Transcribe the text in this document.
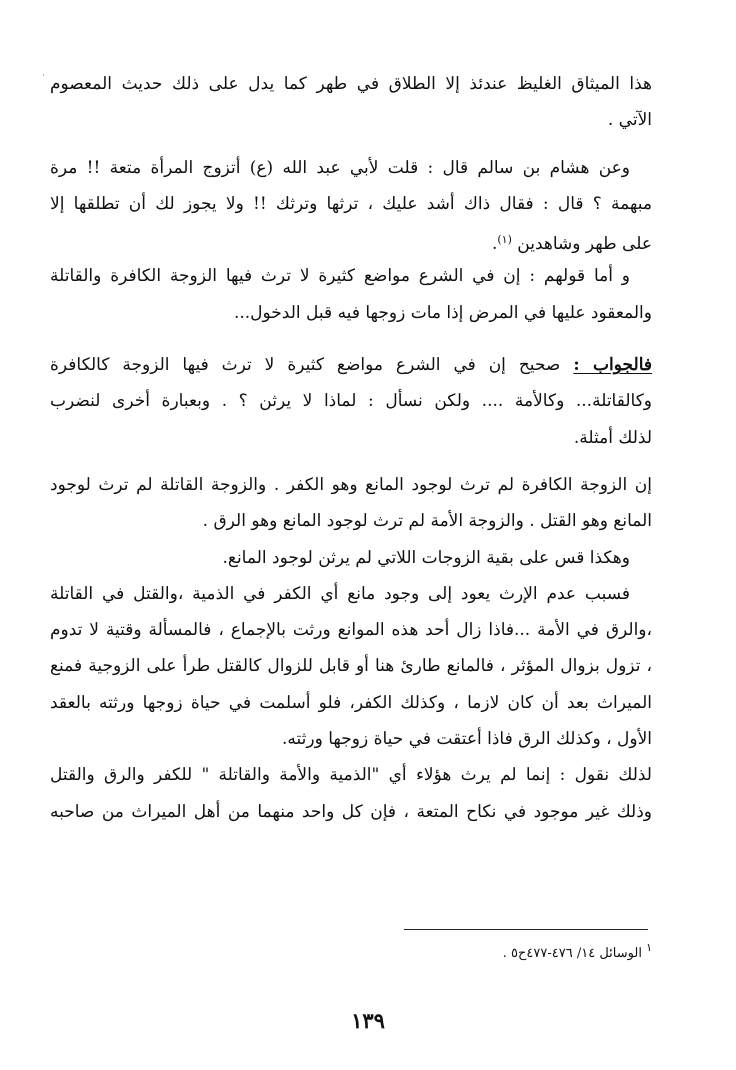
· هذا الميثاق الغليظ عندئذ إلا الطلاق في طهر كما يدل على ذلك حديث المعصوم
الآتي .
وعن هشام بن سالم قال : قلت لأبي عبد الله (ع) أتزوج المرأة متعة !! مرة
مبهمة ؟ قال : فقال ذاك أشد عليك ، ترثها وترثك !! ولا يجوز لك أن تطلقها إلا
على طهر وشاهدين $^{(١)}$.
و أما قولهم : إن في الشرع مواضع كثيرة لا ترث فيها الزوجة الكافرة والقاتلة
والمعقود عليها في المرض إذا مات زوجها فيه قبل الدخول...
فالجواب : صحيح إن في الشرع مواضع كثيرة لا ترث فيها الزوجة كالكافرة
وكالقاتلة... وكالأمة .... ولكن نسأل : لماذا لا يرثن ؟ . وبعبارة أخرى لنضرب
لذلك أمثلة.
إن الزوجة الكافرة لم ترث لوجود المانع وهو الكفر . والزوجة القاتلة لم ترث لوجود
المانع وهو القتل . والزوجة الأمة لم ترث لوجود المانع وهو الرق .
وهكذا قس على بقية الزوجات اللاتي لم يرثن لوجود المانع.
فسبب عدم الإرث يعود إلى وجود مانع أي الكفر في الذمية ،والقتل في القاتلة
،والرق في الأمة ...فاذا زال أحد هذه الموانع ورثت بالإجماع ، فالمسألة وقتية لا تدوم
، تزول بزوال المؤثر ، فالمانع طارئ هنا أو قابل للزوال كالقتل طرأ على الزوجية فمنع
الميراث بعد أن كان لازما ، وكذلك الكفر، فلو أسلمت في حياة زوجها ورثته بالعقد
الأول ، وكذلك الرق فاذا أعتقت في حياة زوجها ورثته.
لذلك نقول : إنما لم يرث هؤلاء أي "الذمية والأمة والقاتلة " للكفر والرق والقتل
وذلك غير موجود في نكاح المتعة ، فإن كل واحد منهما من أهل الميراث من صاحبه
$^١$ الوسائل ١٤/ ٤٧٦-٤٧٧ح٥ .
١٣٩
